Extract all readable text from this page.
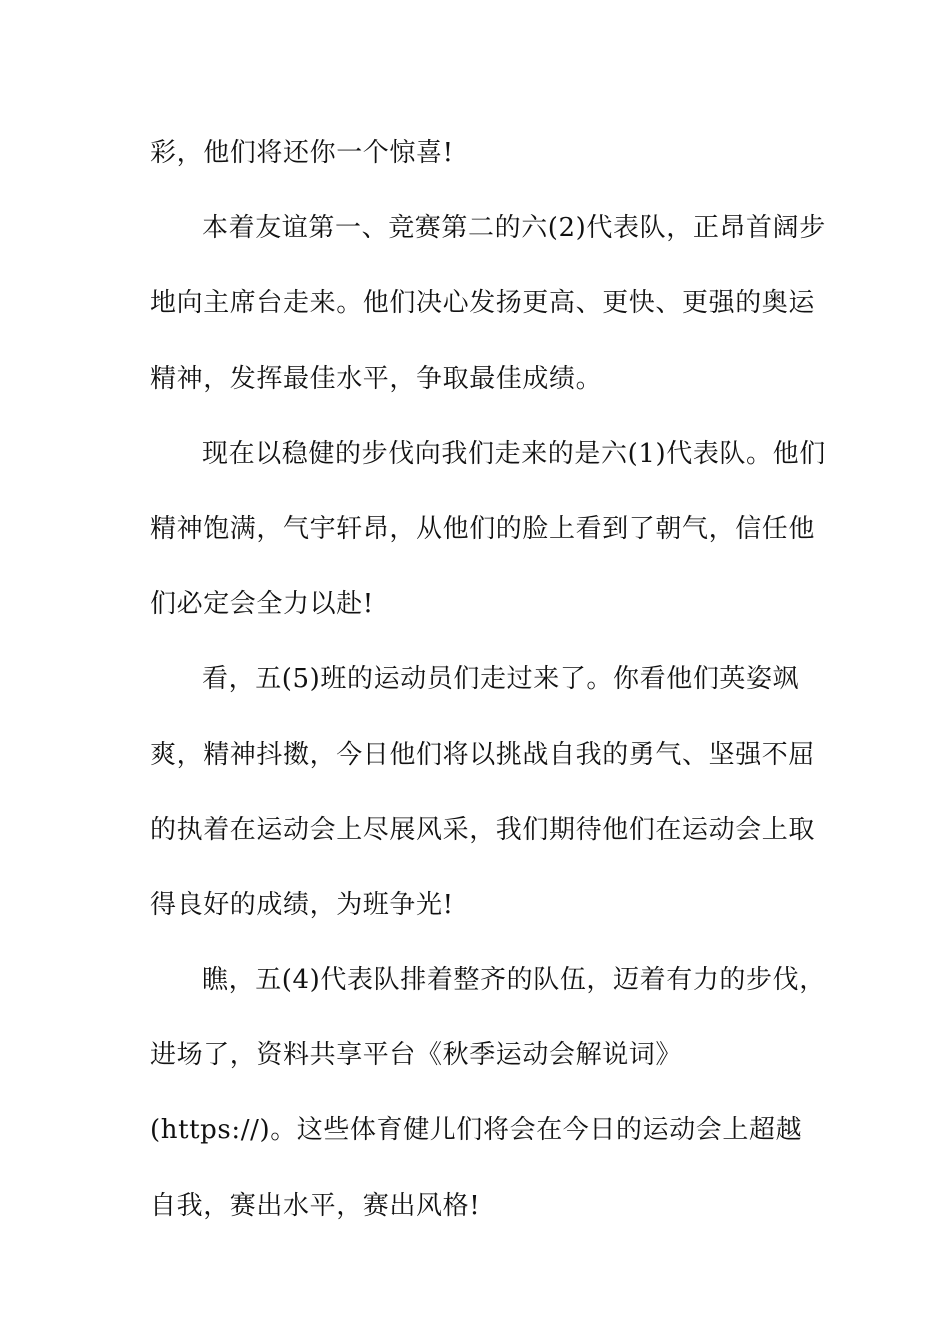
彩，他们将还你一个惊喜!
本着友谊第一、竞赛第二的六(2)代表队，正昂首阔步
地向主席台走来。他们决心发扬更高、更快、更强的奥运
精神，发挥最佳水平，争取最佳成绩。
现在以稳健的步伐向我们走来的是六(1)代表队。他们
精神饱满，气宇轩昂，从他们的脸上看到了朝气，信任他
们必定会全力以赴!
看，五(5)班的运动员们走过来了。你看他们英姿飒
爽，精神抖擞，今日他们将以挑战自我的勇气、坚强不屈
的执着在运动会上尽展风采，我们期待他们在运动会上取
得良好的成绩，为班争光!
瞧，五(4)代表队排着整齐的队伍，迈着有力的步伐，
进场了，资料共享平台《秋季运动会解说词》
(https://)。这些体育健儿们将会在今日的运动会上超越
自我，赛出水平，赛出风格!
